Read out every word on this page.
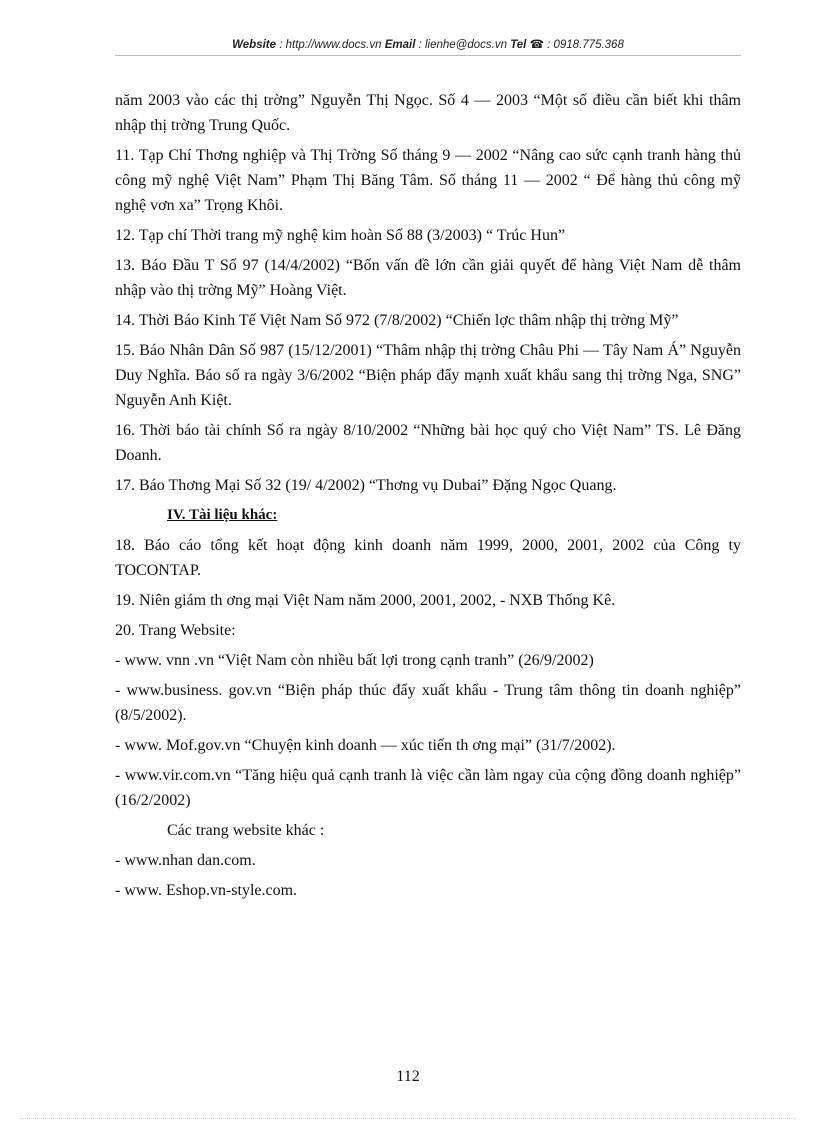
Website : http://www.docs.vn Email : lienhe@docs.vn Tel ☎ : 0918.775.368

năm 2003 vào các thị trờng” Nguyễn Thị Ngọc. Số 4 — 2003 “Một số điều cần biết khi thâm nhập thị trờng Trung Quốc.

11. Tạp Chí Thơng nghiệp và Thị Trờng Số tháng 9 — 2002 “Nâng cao sức cạnh tranh hàng thủ công mỹ nghệ Việt Nam” Phạm Thị Băng Tâm. Số tháng 11 — 2002 “ Để hàng thủ công mỹ nghệ vơn xa” Trọng Khôi.

12. Tạp chí Thời trang mỹ nghệ kim hoàn Số 88 (3/2003) “ Trúc Hun”

13. Báo Đầu T Số 97 (14/4/2002) “Bốn vấn đề lớn cần giải quyết để hàng Việt Nam dễ thâm nhập vào thị trờng Mỹ” Hoàng Việt.

14. Thời Báo Kinh Tế Việt Nam Số 972 (7/8/2002) “Chiến lợc thâm nhập thị trờng Mỹ”

15. Báo Nhân Dân Số 987 (15/12/2001) “Thâm nhập thị trờng Châu Phi — Tây Nam Á” Nguyễn Duy Nghĩa. Báo số ra ngày 3/6/2002 “Biện pháp đẩy mạnh xuất khẩu sang thị trờng Nga, SNG” Nguyễn Anh Kiệt.

16. Thời báo tài chính Số ra ngày 8/10/2002 “Những bài học quý cho Việt Nam” TS. Lê Đăng Doanh.

17. Báo Thơng Mại Số 32 (19/ 4/2002) “Thơng vụ Dubai” Đặng Ngọc Quang.

IV. Tài liệu khác:

18. Báo cáo tổng kết hoạt động kinh doanh năm 1999, 2000, 2001, 2002 của Công ty TOCONTAP.

19. Niên giám th ơng mại Việt Nam năm 2000, 2001, 2002, - NXB Thống Kê.

20. Trang Website:

- www. vnn .vn “Việt Nam còn nhiều bất lợi trong cạnh tranh” (26/9/2002)

- www.business. gov.vn “Biện pháp thúc đẩy xuất khẩu - Trung tâm thông tin doanh nghiệp” (8/5/2002).

- www. Mof.gov.vn “Chuyện kinh doanh — xúc tiến th ơng mại” (31/7/2002).

- www.vir.com.vn “Tăng hiệu quả cạnh tranh là việc cần làm ngay của cộng đồng doanh nghiệp” (16/2/2002)

Các trang website khác :

- www.nhan dan.com.

- www. Eshop.vn-style.com.

112
